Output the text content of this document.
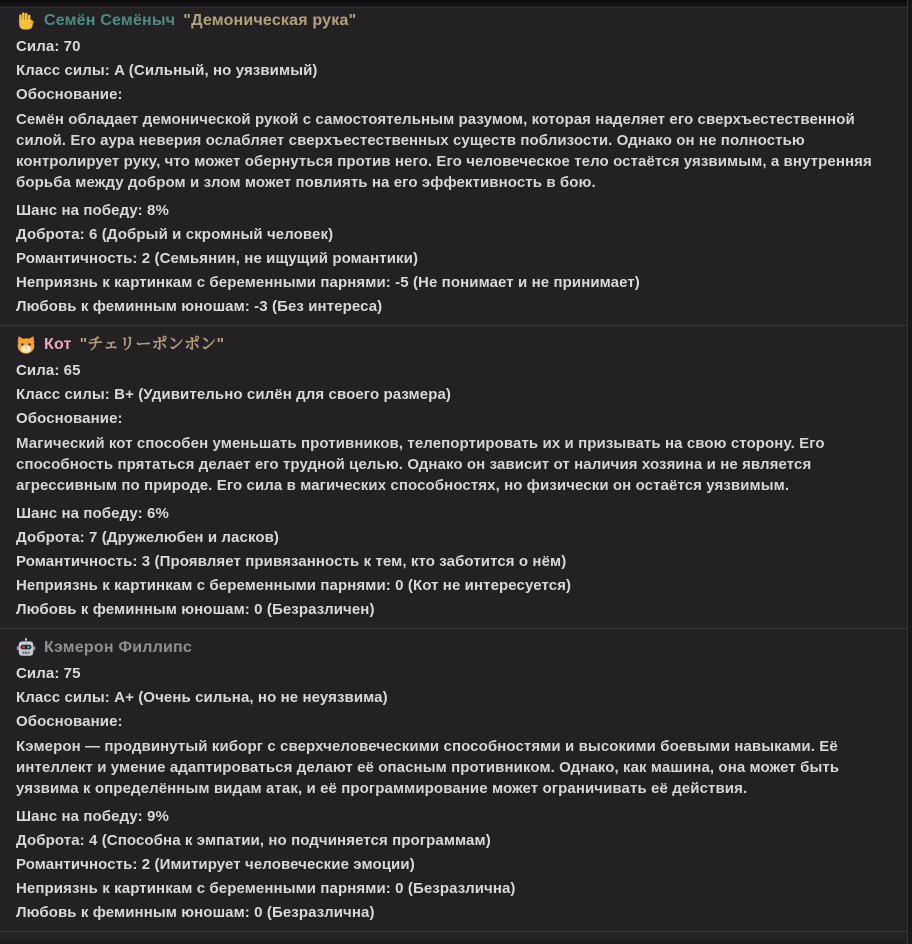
Семён Семёныч "Демоническая рука"

Сила: 70

Класс силы: A (Сильный, но уязвимый)

Обоснование:

Семён обладает демонической рукой с самостоятельным разумом, которая наделяет его сверхъестественной силой. Его аура неверия ослабляет сверхъестественных существ поблизости. Однако он не полностью контролирует руку, что может обернуться против него. Его человеческое тело остаётся уязвимым, а внутренняя борьба между добром и злом может повлиять на его эффективность в бою.

Шанс на победу: 8%

Доброта: 6 (Добрый и скромный человек)

Романтичность: 2 (Семьянин, не ищущий романтики)

Неприязнь к картинкам с беременными парнями: -5 (Не понимает и не принимает)

Любовь к феминным юношам: -3 (Без интереса)

Кот "チェリーポンポン"

Сила: 65

Класс силы: B+ (Удивительно силён для своего размера)

Обоснование:

Магический кот способен уменьшать противников, телепортировать их и призывать на свою сторону. Его способность прятаться делает его трудной целью. Однако он зависит от наличия хозяина и не является агрессивным по природе. Его сила в магических способностях, но физически он остаётся уязвимым.

Шанс на победу: 6%

Доброта: 7 (Дружелюбен и ласков)

Романтичность: 3 (Проявляет привязанность к тем, кто заботится о нём)

Неприязнь к картинкам с беременными парнями: 0 (Кот не интересуется)

Любовь к феминным юношам: 0 (Безразличен)

Кэмерон Филлипс

Сила: 75

Класс силы: A+ (Очень сильна, но не неуязвима)

Обоснование:

Кэмерон — продвинутый киборг с сверхчеловеческими способностями и высокими боевыми навыками. Её интеллект и умение адаптироваться делают её опасным противником. Однако, как машина, она может быть уязвима к определённым видам атак, и её программирование может ограничивать её действия.

Шанс на победу: 9%

Доброта: 4 (Способна к эмпатии, но подчиняется программам)

Романтичность: 2 (Имитирует человеческие эмоции)

Неприязнь к картинкам с беременными парнями: 0 (Безразлична)

Любовь к феминным юношам: 0 (Безразлична)
